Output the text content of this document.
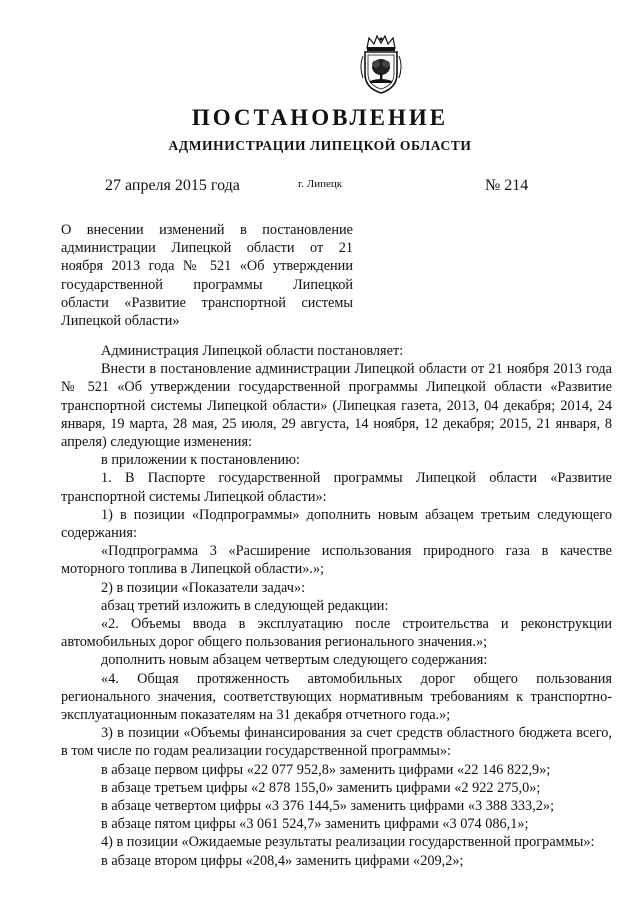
ПОСТАНОВЛЕНИЕ
АДМИНИСТРАЦИИ ЛИПЕЦКОЙ ОБЛАСТИ
27 апреля 2015 года	г. Липецк	№ 214
О внесении изменений в постановление
администрации Липецкой области от 21
ноября 2013 года № 521 «Об утверждении
государственной программы Липецкой
области «Развитие транспортной системы
Липецкой области»

Администрация Липецкой области постановляет:

Внести в постановление администрации Липецкой области от 21 ноября 2013 года № 521 «Об утверждении государственной программы Липецкой области «Развитие транспортной системы Липецкой области» (Липецкая газета, 2013, 04 декабря; 2014, 24 января, 19 марта, 28 мая, 25 июля, 29 августа, 14 ноября, 12 декабря; 2015, 21 января, 8 апреля) следующие изменения:

в приложении к постановлению:

1. В Паспорте государственной программы Липецкой области «Развитие транспортной системы Липецкой области»:

1) в позиции «Подпрограммы» дополнить новым абзацем третьим следующего содержания:

«Подпрограмма 3 «Расширение использования природного газа в качестве моторного топлива в Липецкой области».»;

2) в позиции «Показатели задач»:

абзац третий изложить в следующей редакции:

«2. Объемы ввода в эксплуатацию после строительства и реконструкции автомобильных дорог общего пользования регионального значения.»;

дополнить новым абзацем четвертым следующего содержания:

«4. Общая протяженность автомобильных дорог общего пользования регионального значения, соответствующих нормативным требованиям к транспортно-эксплуатационным показателям на 31 декабря отчетного года.»;

3) в позиции «Объемы финансирования за счет средств областного бюджета всего, в том числе по годам реализации государственной программы»:

в абзаце первом цифры «22 077 952,8» заменить цифрами «22 146 822,9»;

в абзаце третьем цифры «2 878 155,0» заменить цифрами «2 922 275,0»;

в абзаце четвертом цифры «3 376 144,5» заменить цифрами «3 388 333,2»;

в абзаце пятом цифры «3 061 524,7» заменить цифрами «3 074 086,1»;

4) в позиции «Ожидаемые результаты реализации государственной программы»:

в абзаце втором цифры «208,4» заменить цифрами «209,2»;
